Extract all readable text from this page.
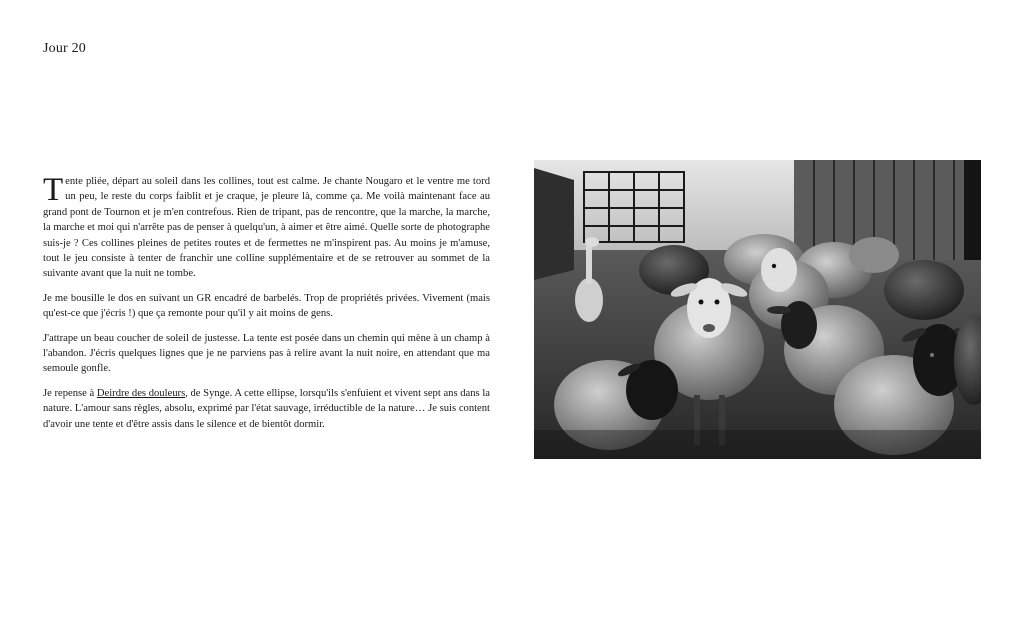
Jour 20

Tente pliée, départ au soleil dans les collines, tout est calme. Je chante Nougaro et le ventre me tord un peu, le reste du corps faiblit et je craque, je pleure là, comme ça. Me voilà maintenant face au grand pont de Tournon et je m'en contrefous. Rien de tripant, pas de rencontre, que la marche, la marche, la marche et moi qui n'arrête pas de penser à quelqu'un, à aimer et être aimé. Quelle sorte de photographe suis-je ? Ces collines pleines de petites routes et de fermettes ne m'inspirent pas. Au moins je m'amuse, tout le jeu consiste à tenter de franchir une colline supplémentaire et de se retrouver au sommet de la suivante avant que la nuit ne tombe.

Je me bousille le dos en suivant un GR encadré de barbelés. Trop de propriétés privées. Vivement (mais qu'est-ce que j'écris !) que ça remonte pour qu'il y ait moins de gens.

J'attrape un beau coucher de soleil de justesse. La tente est posée dans un chemin qui mène à un champ à l'abandon. J'écris quelques lignes que je ne parviens pas à relire avant la nuit noire, en attendant que ma semoule gonfle.

Je repense à Deirdre des douleurs, de Synge. A cette ellipse, lorsqu'ils s'enfuient et vivent sept ans dans la nature. L'amour sans règles, absolu, exprimé par l'état sauvage, irréductible de la nature… Je suis content d'avoir une tente et d'être assis dans le silence et de bientôt dormir.
